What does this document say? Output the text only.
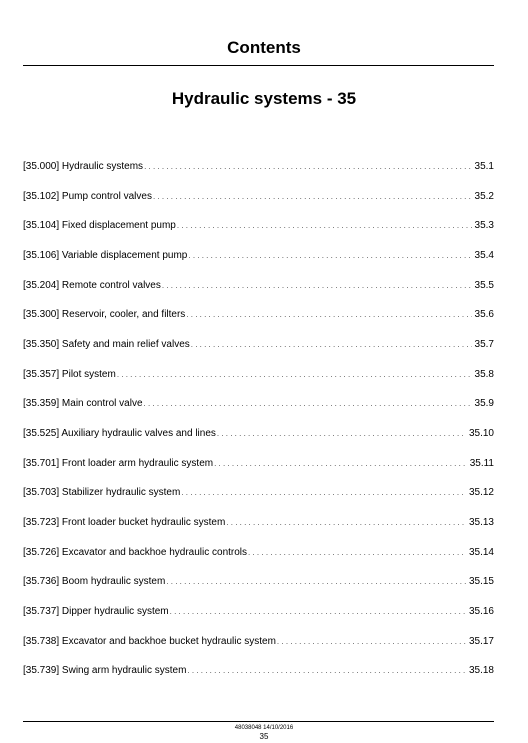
Contents
Hydraulic systems - 35
[35.000] Hydraulic systems . . .	35.1
[35.102] Pump control valves . . .	35.2
[35.104] Fixed displacement pump . . .	35.3
[35.106] Variable displacement pump . . .	35.4
[35.204] Remote control valves . . .	35.5
[35.300] Reservoir, cooler, and filters . . .	35.6
[35.350] Safety and main relief valves . . .	35.7
[35.357] Pilot system . . .	35.8
[35.359] Main control valve . . .	35.9
[35.525] Auxiliary hydraulic valves and lines . . .	35.10
[35.701] Front loader arm hydraulic system . . .	35.11
[35.703] Stabilizer hydraulic system . . .	35.12
[35.723] Front loader bucket hydraulic system . . .	35.13
[35.726] Excavator and backhoe hydraulic controls . . .	35.14
[35.736] Boom hydraulic system . . .	35.15
[35.737] Dipper hydraulic system . . .	35.16
[35.738] Excavator and backhoe bucket hydraulic system . . .	35.17
[35.739] Swing arm hydraulic system . . .	35.18
48038048 14/10/2016
35
